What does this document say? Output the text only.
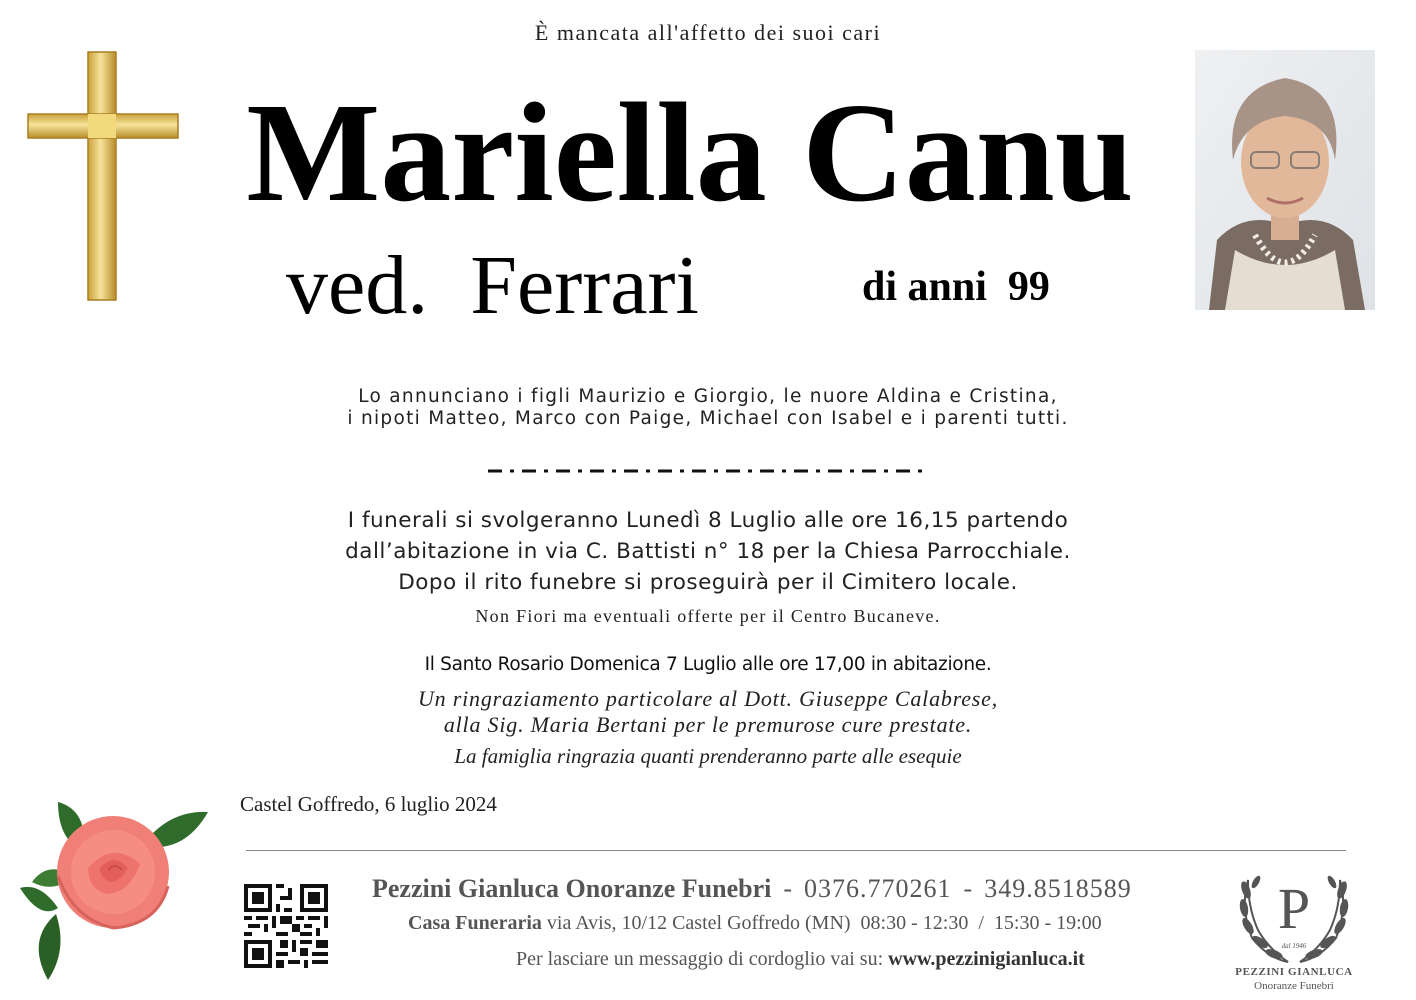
È mancata all'affetto dei suoi cari
Mariella Canu
ved.  Ferrari	di anni  99
Lo annunciano i figli Maurizio e Giorgio, le nuore Aldina e Cristina,
i nipoti Matteo, Marco con Paige, Michael con Isabel e i parenti tutti.
I funerali si svolgeranno Lunedì 8 Luglio alle ore 16,15 partendo
dall’abitazione in via C. Battisti n° 18 per la Chiesa Parrocchiale.
Dopo il rito funebre si proseguirà per il Cimitero locale.
Non Fiori ma eventuali offerte per il Centro Bucaneve.
Il Santo Rosario Domenica 7 Luglio alle ore 17,00 in abitazione.
Un ringraziamento particolare al Dott. Giuseppe Calabrese,
alla Sig. Maria Bertani per le premurose cure prestate.
La famiglia ringrazia quanti prenderanno parte alle esequie
Castel Goffredo, 6 luglio 2024
Pezzini Gianluca Onoranze Funebri - 0376.770261 - 349.8518589
Casa Funeraria via Avis, 10/12 Castel Goffredo (MN)  08:30 - 12:30  /  15:30 - 19:00
Per lasciare un messaggio di cordoglio vai su: www.pezzinigianluca.it
P
dal 1946
PEZZINI GIANLUCA
Onoranze Funebri
